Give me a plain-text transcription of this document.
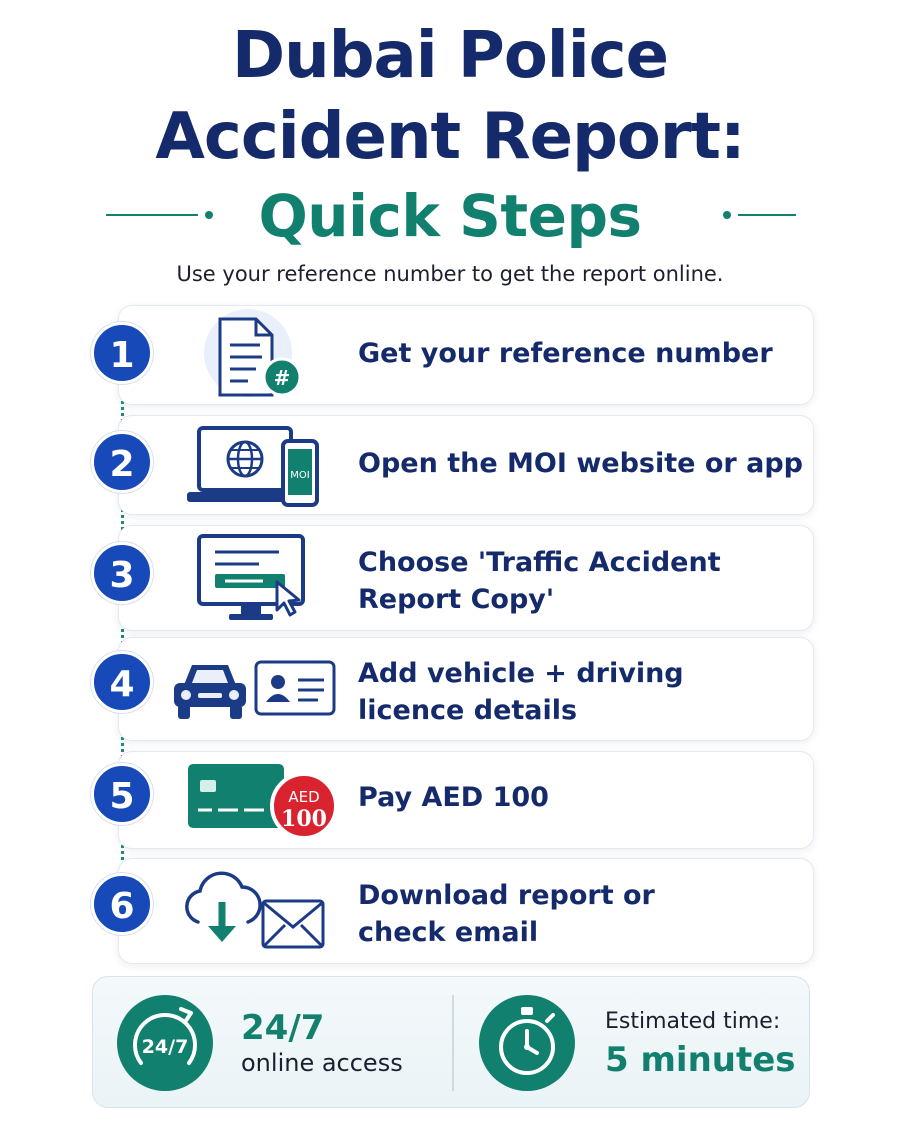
Dubai Police
Accident Report:
Quick Steps
Use your reference number to get the report online.
1
#
Get your reference number
2	MOI Open the MOI website or app
3	Choose 'Traffic Accident
Report Copy'
4	Add vehicle + driving
licence details
5	AED
100
Pay AED 100
6	Download report or
check email
24/7 24/7
online access
Estimated time:
5 minutes
